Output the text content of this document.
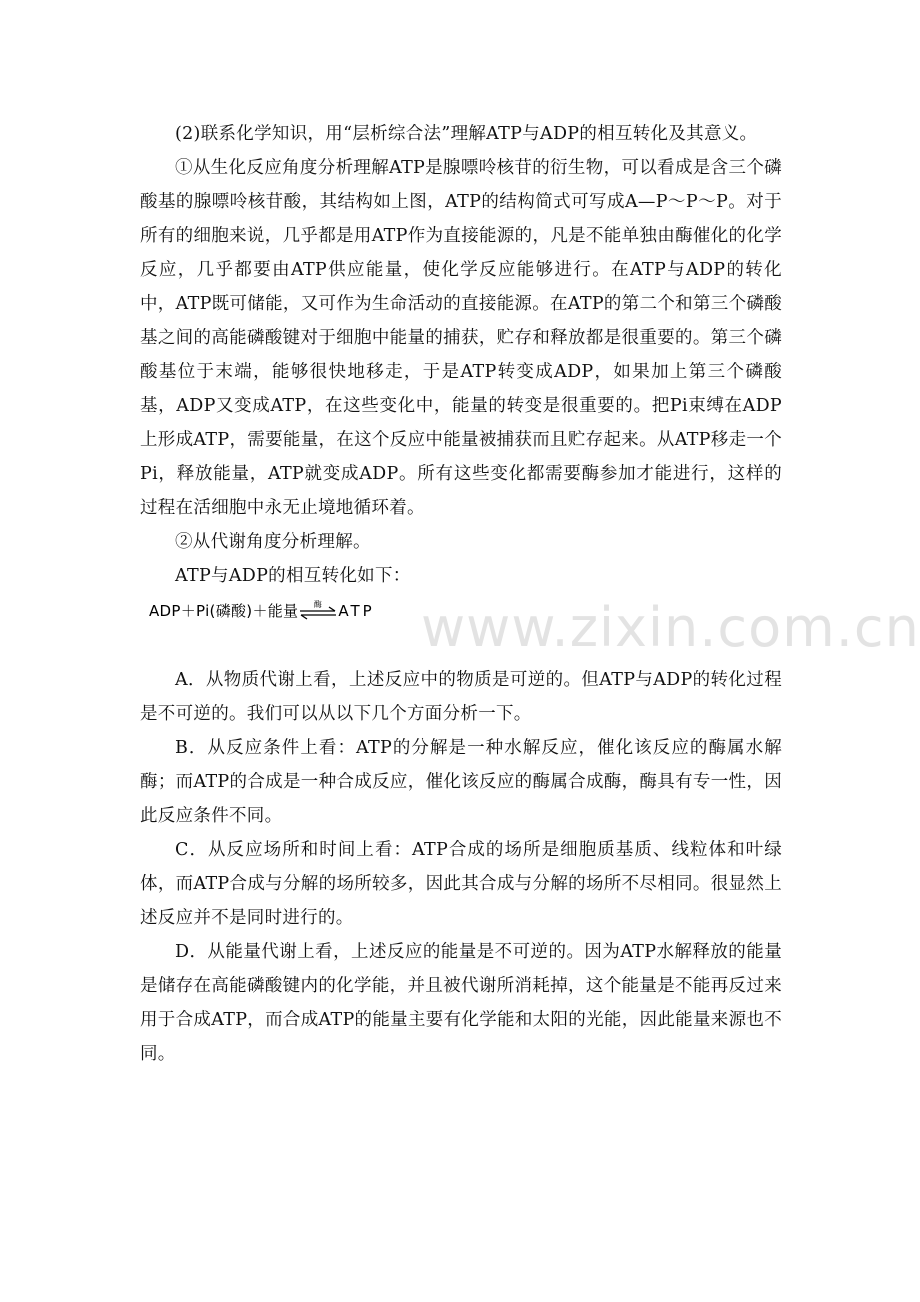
(2)联系化学知识，用“层析综合法”理解ATP与ADP的相互转化及其意义。

①从生化反应角度分析理解ATP是腺嘌呤核苷的衍生物，可以看成是含三个磷酸基的腺嘌呤核苷酸，其结构如上图，ATP的结构简式可写成A—P～P～P。对于所有的细胞来说，几乎都是用ATP作为直接能源的，凡是不能单独由酶催化的化学反应，几乎都要由ATP供应能量，使化学反应能够进行。在ATP与ADP的转化中，ATP既可储能，又可作为生命活动的直接能源。在ATP的第二个和第三个磷酸基之间的高能磷酸键对于细胞中能量的捕获，贮存和释放都是很重要的。第三个磷酸基位于末端，能够很快地移走，于是ATP转变成ADP，如果加上第三个磷酸基，ADP又变成ATP，在这些变化中，能量的转变是很重要的。把Pi束缚在ADP上形成ATP，需要能量，在这个反应中能量被捕获而且贮存起来。从ATP移走一个Pi，释放能量，ATP就变成ADP。所有这些变化都需要酶参加才能进行，这样的过程在活细胞中永无止境地循环着。

②从代谢角度分析理解。

ATP与ADP的相互转化如下：

ADP＋Pi(磷酸)＋能量 酶 ATP

A．从物质代谢上看，上述反应中的物质是可逆的。但ATP与ADP的转化过程是不可逆的。我们可以从以下几个方面分析一下。

B．从反应条件上看：ATP的分解是一种水解反应，催化该反应的酶属水解酶；而ATP的合成是一种合成反应，催化该反应的酶属合成酶，酶具有专一性，因此反应条件不同。

C．从反应场所和时间上看：ATP合成的场所是细胞质基质、线粒体和叶绿体，而ATP合成与分解的场所较多，因此其合成与分解的场所不尽相同。很显然上述反应并不是同时进行的。

D．从能量代谢上看，上述反应的能量是不可逆的。因为ATP水解释放的能量是储存在高能磷酸键内的化学能，并且被代谢所消耗掉，这个能量是不能再反过来用于合成ATP，而合成ATP的能量主要有化学能和太阳的光能，因此能量来源也不同。

www.zixin.com.cn
